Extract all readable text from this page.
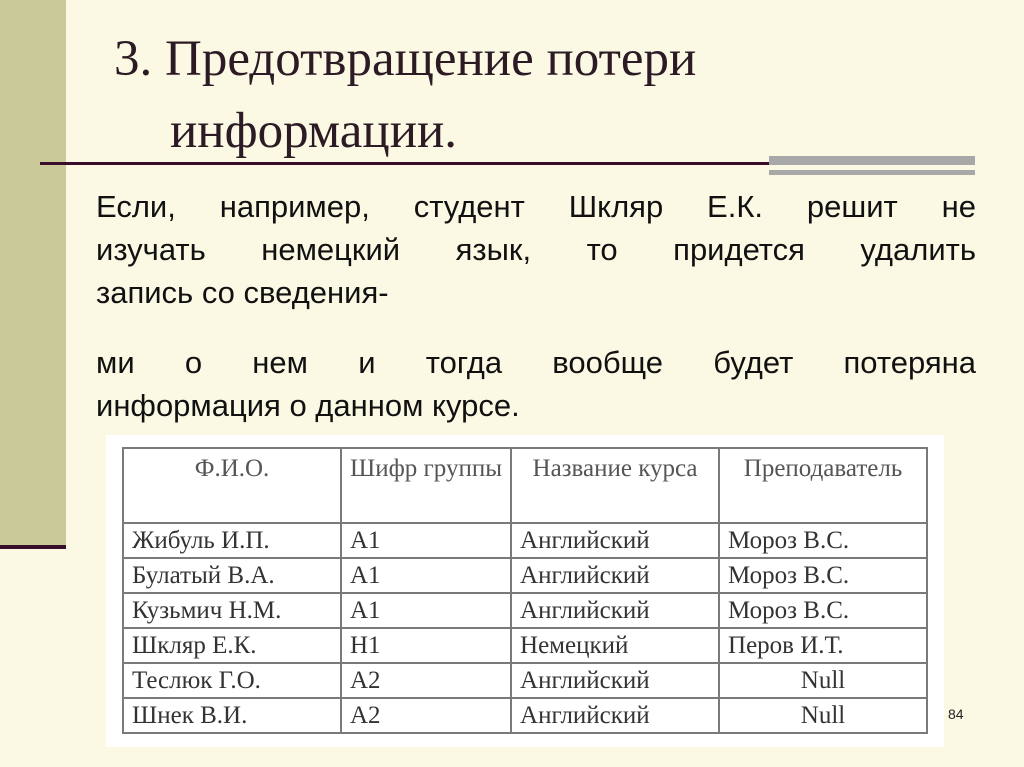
3. Предотвращение потери
информации.
Если, например, студент Шкляр Е.К. решит не
изучать немецкий язык, то придется удалить
запись со сведения-
ми о нем и тогда вообще будет потеряна
информация о данном курсе.
Ф.И.О.	Шифр группы	Название курса	Преподаватель
Жибуль И.П.	A1	Английский	Мороз В.С.
Булатый В.А.	A1	Английский	Мороз В.С.
Кузьмич Н.М.	A1	Английский	Мороз В.С.
Шкляр Е.К.	H1	Немецкий	Перов И.Т.
Теслюк Г.О.	A2	Английский	Null
Шнек В.И.	A2	Английский	Null	84
